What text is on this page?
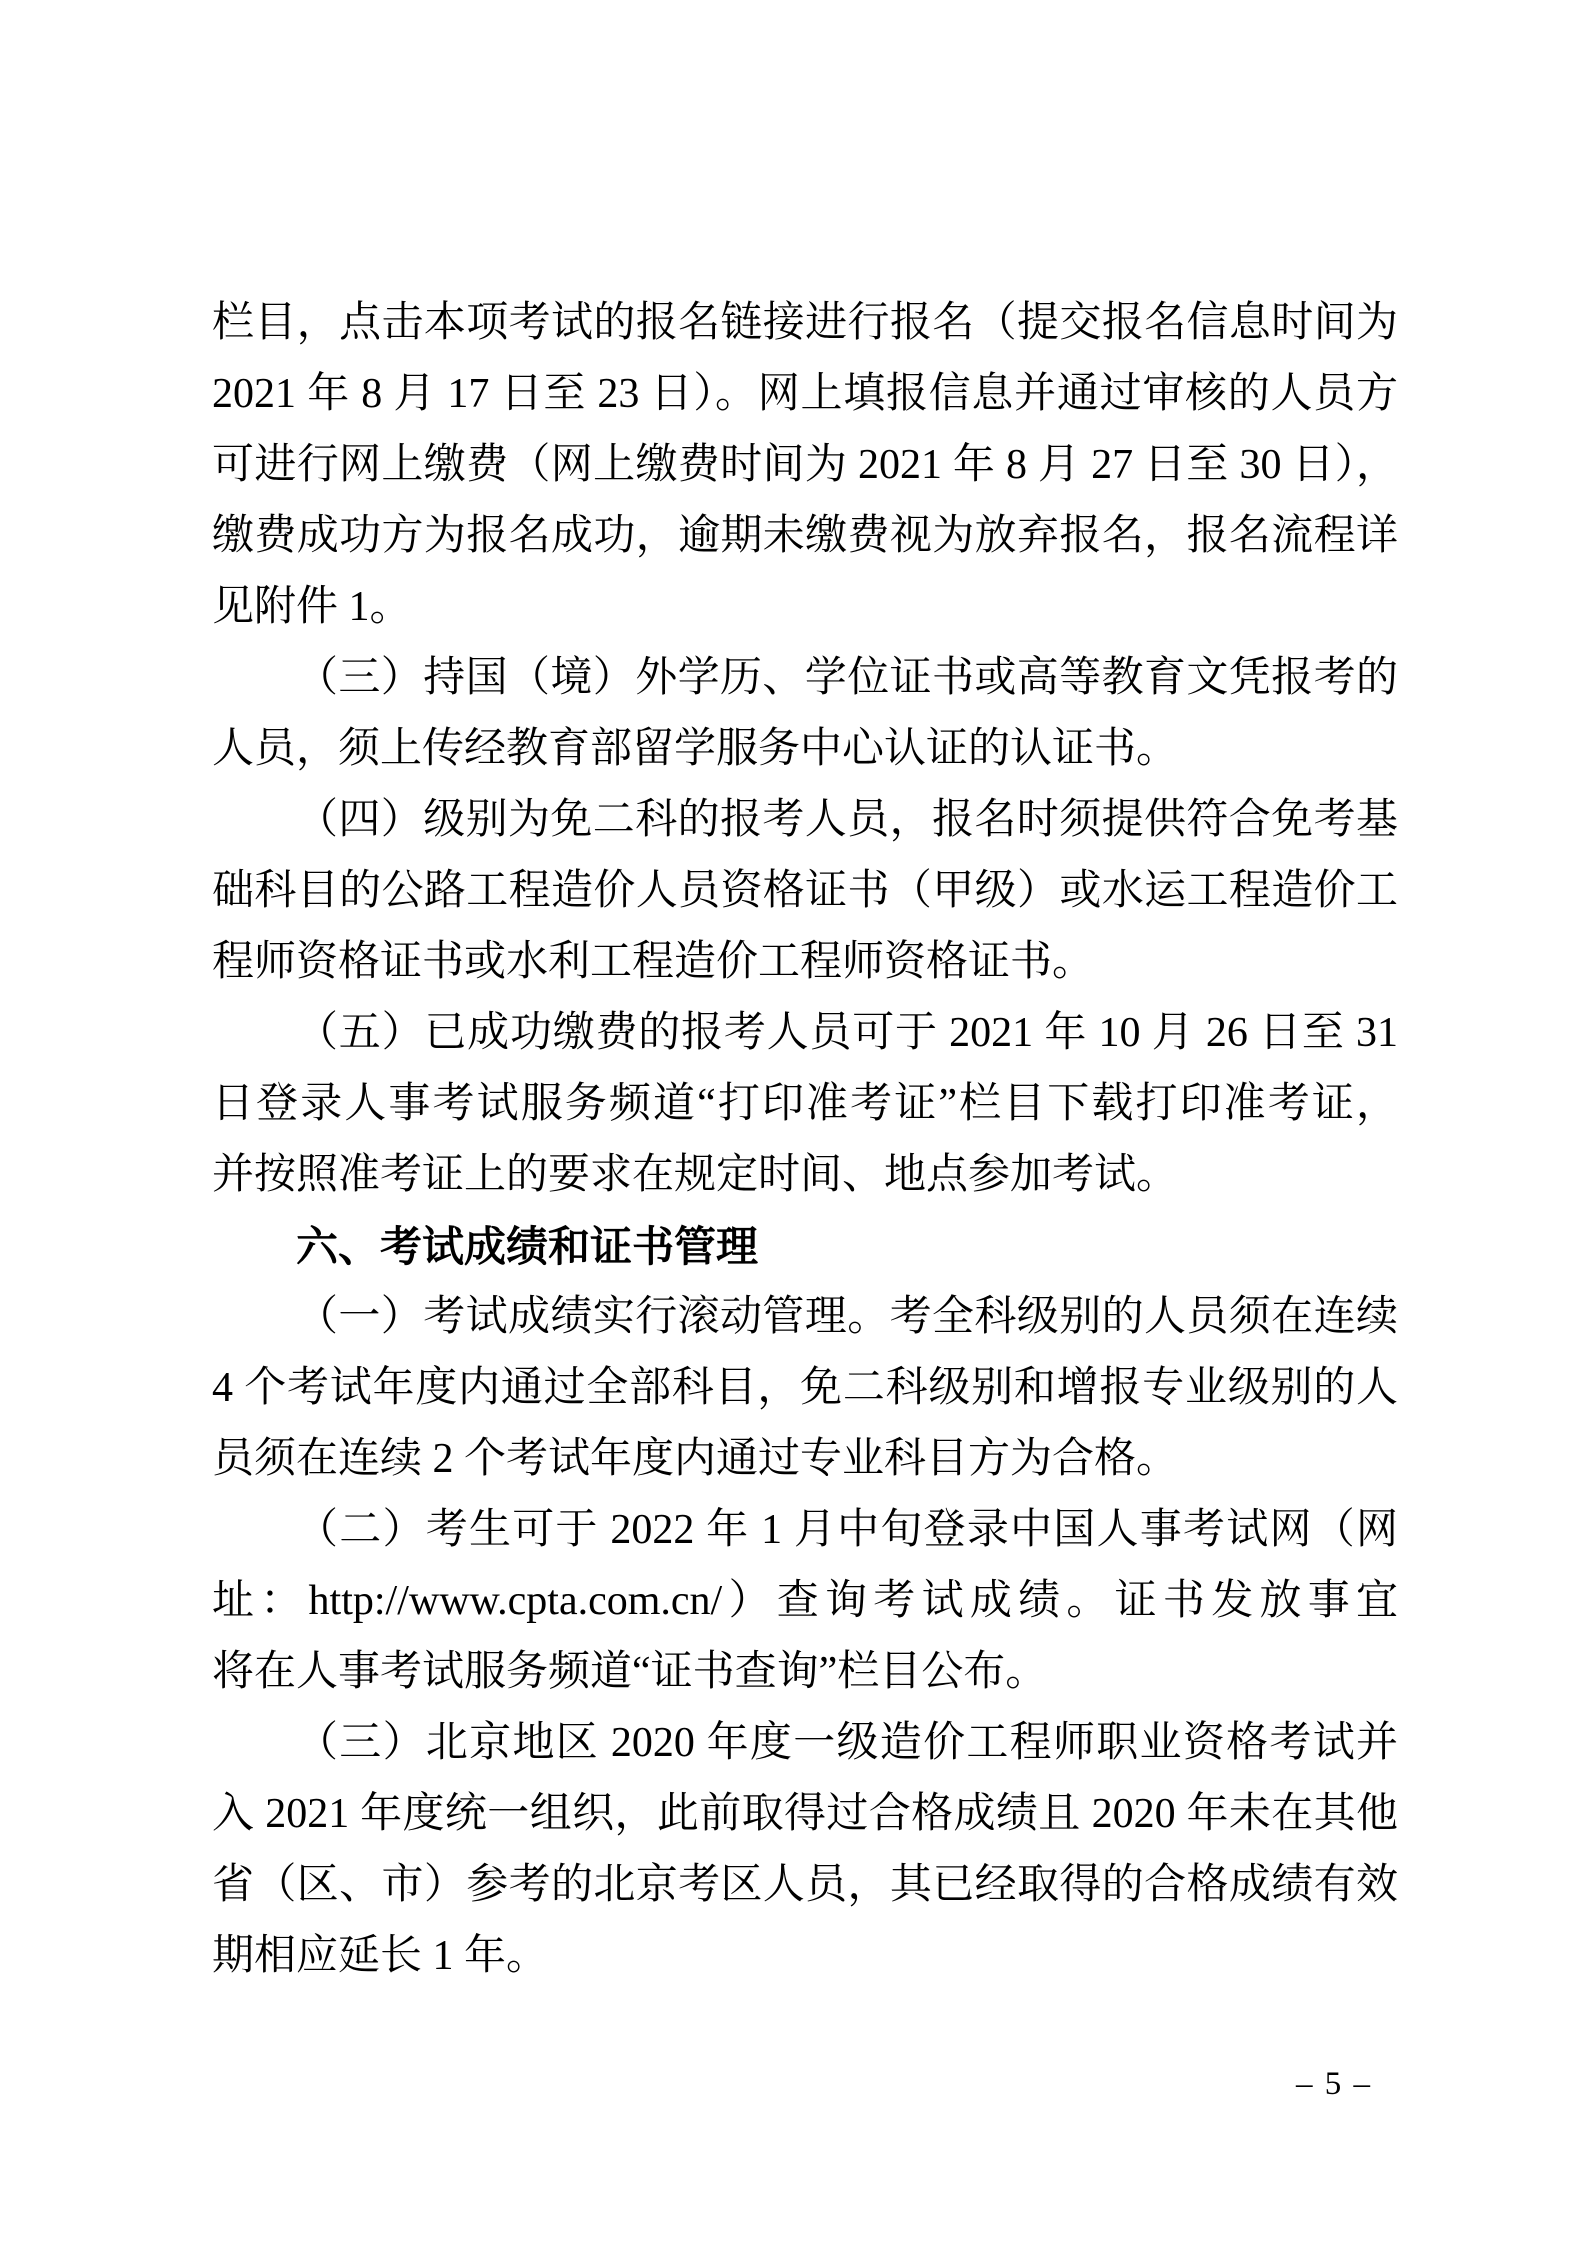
栏目，点击本项考试的报名链接进行报名（提交报名信息时间为
2021 年 8 月 17 日至 23 日）。网上填报信息并通过审核的人员方
可进行网上缴费（网上缴费时间为 2021 年 8 月 27 日至 30 日），
缴费成功方为报名成功，逾期未缴费视为放弃报名，报名流程详
见附件 1。
（三）持国（境）外学历、学位证书或高等教育文凭报考的
人员，须上传经教育部留学服务中心认证的认证书。
（四）级别为免二科的报考人员，报名时须提供符合免考基
础科目的公路工程造价人员资格证书（甲级）或水运工程造价工
程师资格证书或水利工程造价工程师资格证书。
（五）已成功缴费的报考人员可于 2021 年 10 月 26 日至 31
日登录人事考试服务频道“打印准考证”栏目下载打印准考证，
并按照准考证上的要求在规定时间、地点参加考试。
六、考试成绩和证书管理
（一）考试成绩实行滚动管理。考全科级别的人员须在连续
4 个考试年度内通过全部科目，免二科级别和增报专业级别的人
员须在连续 2 个考试年度内通过专业科目方为合格。
（二）考生可于 2022 年 1 月中旬登录中国人事考试网（网
址：http://www.cpta.com.cn/）查询考试成绩。证书发放事宜
将在人事考试服务频道“证书查询”栏目公布。
（三）北京地区 2020 年度一级造价工程师职业资格考试并
入 2021 年度统一组织，此前取得过合格成绩且 2020 年未在其他
省（区、市）参考的北京考区人员，其已经取得的合格成绩有效
期相应延长 1 年。
– 5 –
